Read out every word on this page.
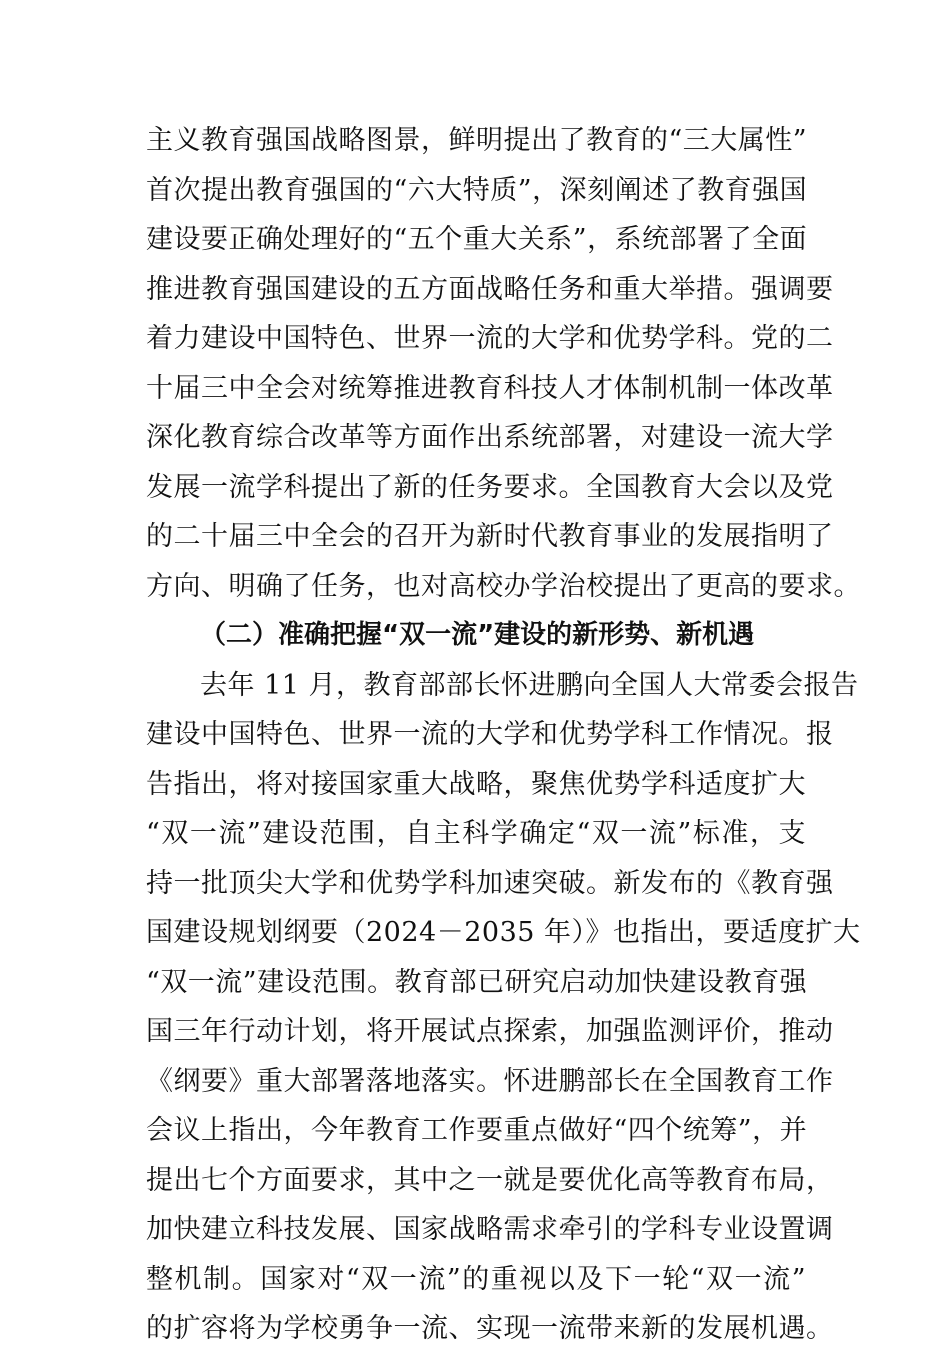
主义教育强国战略图景，鲜明提出了教育的“三大属性”
首次提出教育强国的“六大特质”，深刻阐述了教育强国
建设要正确处理好的“五个重大关系”，系统部署了全面
推进教育强国建设的五方面战略任务和重大举措。强调要
着力建设中国特色、世界一流的大学和优势学科。党的二
十届三中全会对统筹推进教育科技人才体制机制一体改革
深化教育综合改革等方面作出系统部署，对建设一流大学
发展一流学科提出了新的任务要求。全国教育大会以及党
的二十届三中全会的召开为新时代教育事业的发展指明了
方向、明确了任务，也对高校办学治校提出了更高的要求。
（二）准确把握“双一流”建设的新形势、新机遇
去年 11 月，教育部部长怀进鹏向全国人大常委会报告
建设中国特色、世界一流的大学和优势学科工作情况。报
告指出，将对接国家重大战略，聚焦优势学科适度扩大
“双一流”建设范围，自主科学确定“双一流”标准，支
持一批顶尖大学和优势学科加速突破。新发布的《教育强
国建设规划纲要（2024－2035 年）》也指出，要适度扩大
“双一流”建设范围。教育部已研究启动加快建设教育强
国三年行动计划，将开展试点探索，加强监测评价，推动
《纲要》重大部署落地落实。怀进鹏部长在全国教育工作
会议上指出，今年教育工作要重点做好“四个统筹”，并
提出七个方面要求，其中之一就是要优化高等教育布局，
加快建立科技发展、国家战略需求牵引的学科专业设置调
整机制。国家对“双一流”的重视以及下一轮“双一流”
的扩容将为学校勇争一流、实现一流带来新的发展机遇。
